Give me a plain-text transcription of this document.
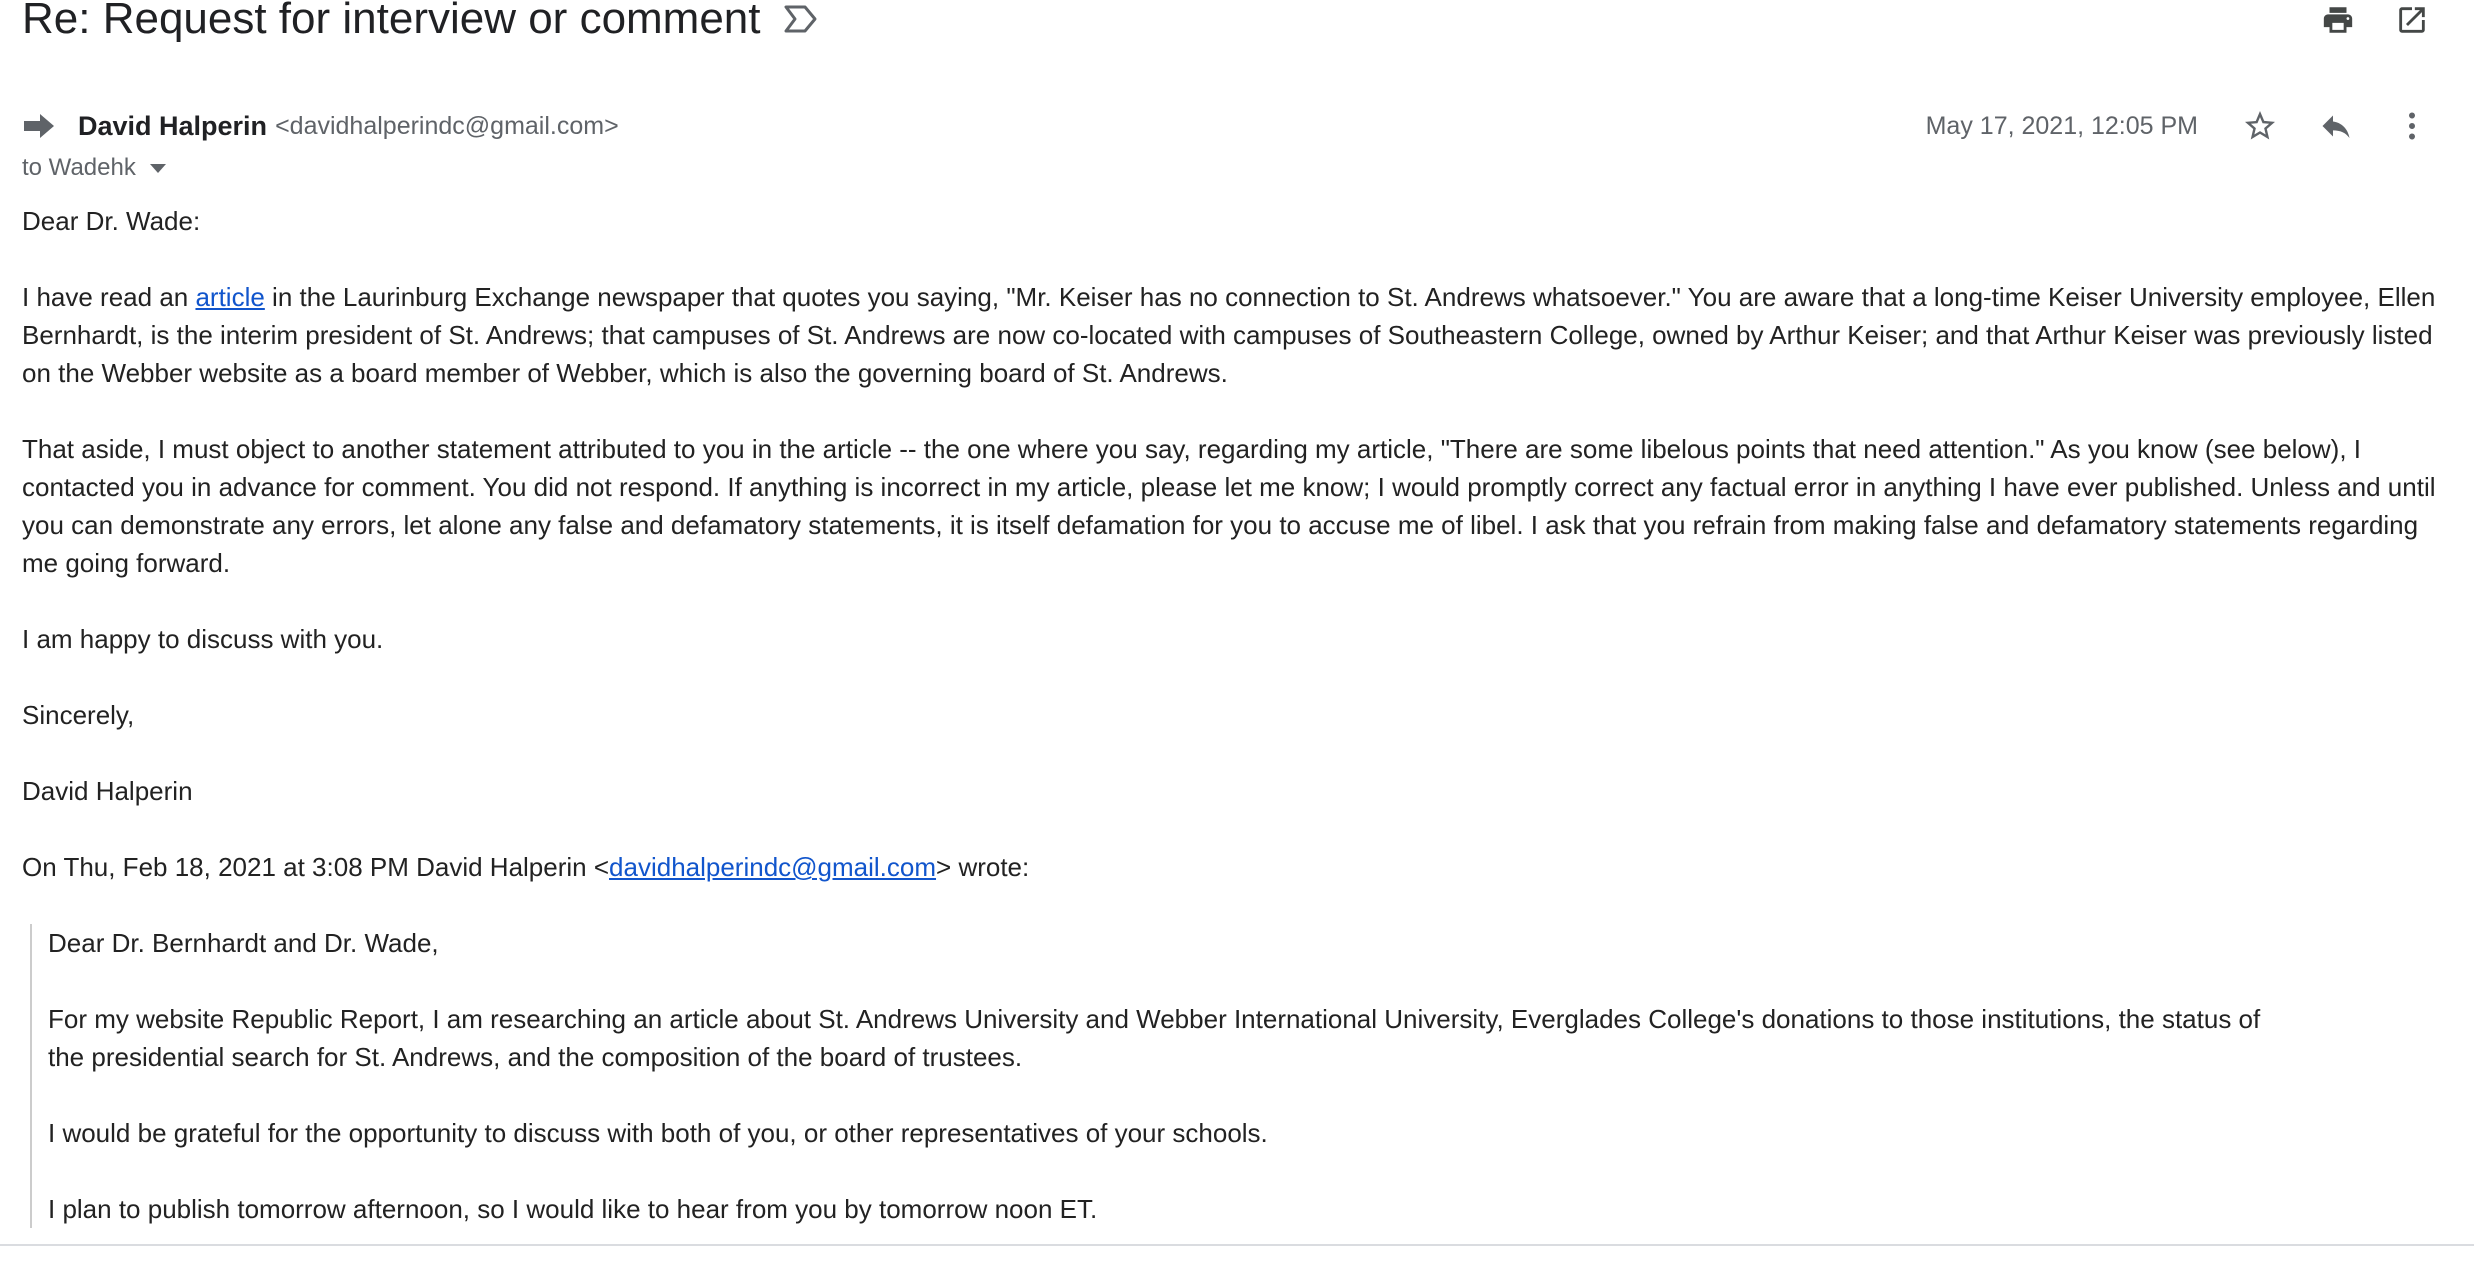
Re: Request for interview or comment
David Halperin <davidhalperindc@gmail.com>
to Wadehk
May 17, 2021, 12:05 PM

Dear Dr. Wade:

I have read an article in the Laurinburg Exchange newspaper that quotes you saying, "Mr. Keiser has no connection to St. Andrews whatsoever." You are aware that a long-time Keiser University employee, Ellen Bernhardt, is the interim president of St. Andrews; that campuses of St. Andrews are now co-located with campuses of Southeastern College, owned by Arthur Keiser; and that Arthur Keiser was previously listed on the Webber website as a board member of Webber, which is also the governing board of St. Andrews.

That aside, I must object to another statement attributed to you in the article -- the one where you say, regarding my article, "There are some libelous points that need attention." As you know (see below), I contacted you in advance for comment. You did not respond. If anything is incorrect in my article, please let me know; I would promptly correct any factual error in anything I have ever published. Unless and until you can demonstrate any errors, let alone any false and defamatory statements, it is itself defamation for you to accuse me of libel. I ask that you refrain from making false and defamatory statements regarding me going forward.

I am happy to discuss with you.

Sincerely,

David Halperin

On Thu, Feb 18, 2021 at 3:08 PM David Halperin <davidhalperindc@gmail.com> wrote:

Dear Dr. Bernhardt and Dr. Wade,

For my website Republic Report, I am researching an article about St. Andrews University and Webber International University, Everglades College's donations to those institutions, the status of the presidential search for St. Andrews, and the composition of the board of trustees.

I would be grateful for the opportunity to discuss with both of you, or other representatives of your schools.

I plan to publish tomorrow afternoon, so I would like to hear from you by tomorrow noon ET.
